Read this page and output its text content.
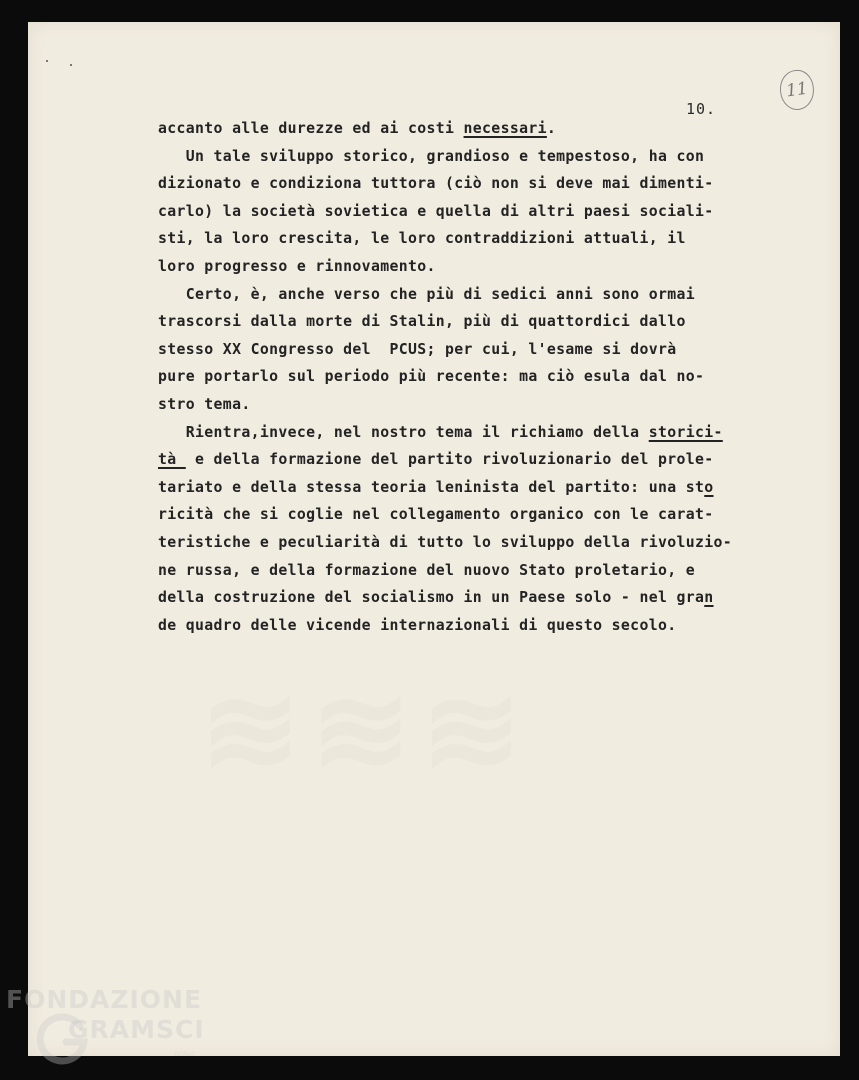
10.
11
accanto alle durezze ed ai costi necessari.
Un tale sviluppo storico, grandioso e tempestoso, ha con
dizionato e condiziona tuttora (ciò non si deve mai dimenti-
carlo) la società sovietica e quella di altri paesi sociali-
sti, la loro crescita, le loro contraddizioni attuali, il
loro progresso e rinnovamento.
Certo, è, anche verso che più di sedici anni sono ormai
trascorsi dalla morte di Stalin, più di quattordici dallo
stesso XX Congresso del  PCUS; per cui, l'esame si dovrà
pure portarlo sul periodo più recente: ma ciò esula dal no-
stro tema.
Rientra,invece, nel nostro tema il richiamo della storici-
tà  e della formazione del partito rivoluzionario del prole-
tariato e della stessa teoria leninista del partito: una sto
ricità che si coglie nel collegamento organico con le carat-
teristiche e peculiarità di tutto lo sviluppo della rivoluzio-
ne russa, e della formazione del nuovo Stato proletario, e
della costruzione del socialismo in un Paese solo - nel gran
de quadro delle vicende internazionali di questo secolo.
FONDAZIONE
GRAMSCI
onlus
